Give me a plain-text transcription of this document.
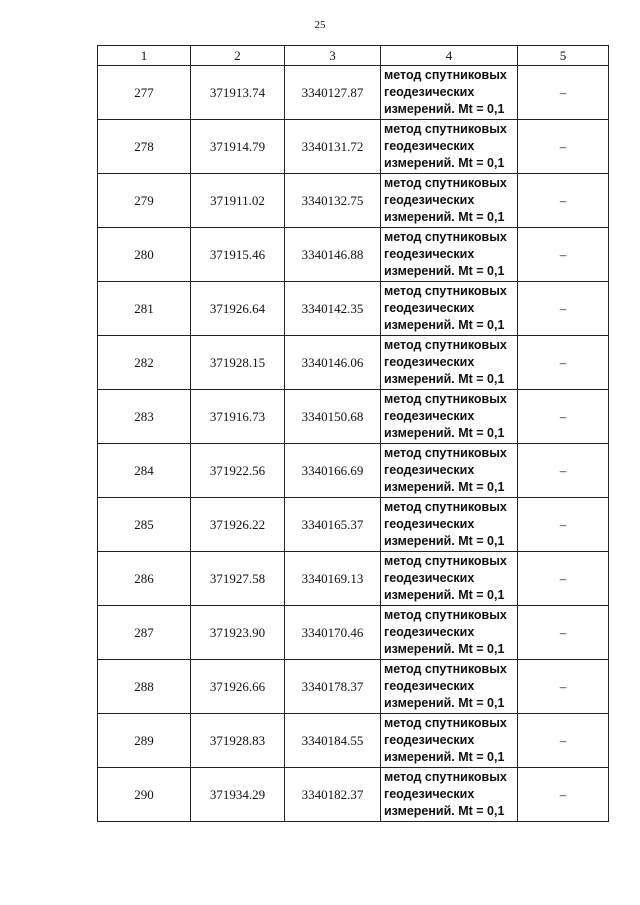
25
1	2	3	4	5
277	371913.74	3340127.87	метод спутниковых
геодезических
измерений. Mt = 0,1	–
278	371914.79	3340131.72	метод спутниковых
геодезических
измерений. Mt = 0,1	–
279	371911.02	3340132.75	метод спутниковых
геодезических
измерений. Mt = 0,1	–
280	371915.46	3340146.88	метод спутниковых
геодезических
измерений. Mt = 0,1	–
281	371926.64	3340142.35	метод спутниковых
геодезических
измерений. Mt = 0,1	–
282	371928.15	3340146.06	метод спутниковых
геодезических
измерений. Mt = 0,1	–
283	371916.73	3340150.68	метод спутниковых
геодезических
измерений. Mt = 0,1	–
284	371922.56	3340166.69	метод спутниковых
геодезических
измерений. Mt = 0,1	–
285	371926.22	3340165.37	метод спутниковых
геодезических
измерений. Mt = 0,1	–
286	371927.58	3340169.13	метод спутниковых
геодезических
измерений. Mt = 0,1	–
287	371923.90	3340170.46	метод спутниковых
геодезических
измерений. Mt = 0,1	–
288	371926.66	3340178.37	метод спутниковых
геодезических
измерений. Mt = 0,1	–
289	371928.83	3340184.55	метод спутниковых
геодезических
измерений. Mt = 0,1	–
290	371934.29	3340182.37	метод спутниковых
геодезических
измерений. Mt = 0,1	–
